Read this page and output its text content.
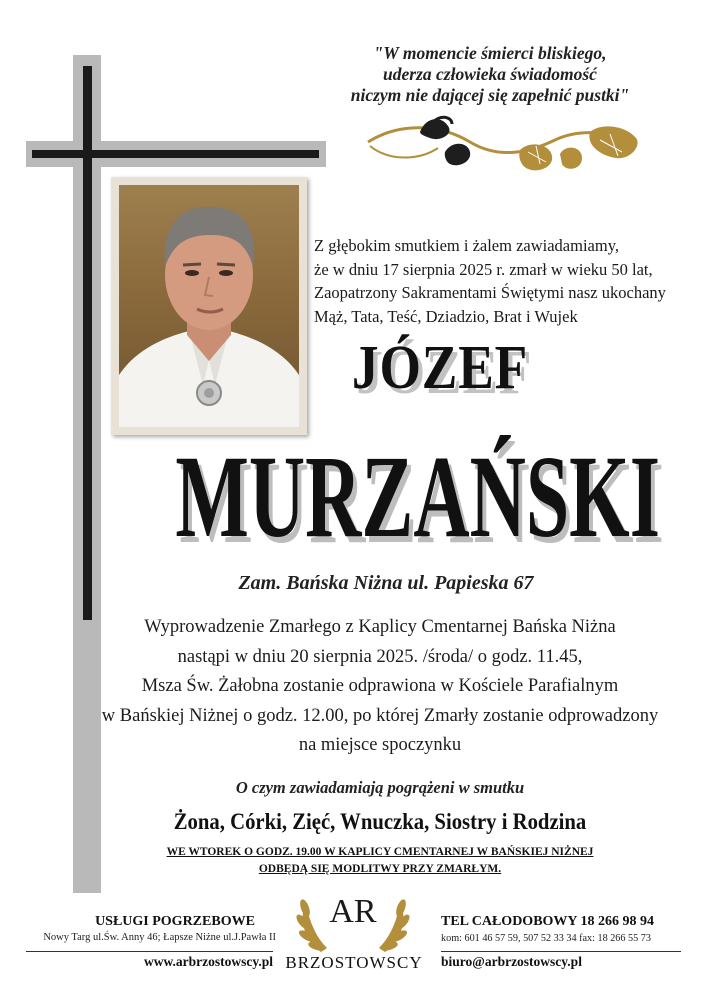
"W momencie śmierci bliskiego,
uderza człowieka świadomość
niczym nie dającej się zapełnić pustki"
Z głębokim smutkiem i żalem zawiadamiamy,
że w dniu 17 sierpnia 2025 r. zmarł w wieku 50 lat,
Zaopatrzony Sakramentami Świętymi nasz ukochany
Mąż, Tata, Teść, Dziadzio, Brat i Wujek
JÓZEF
MURZAŃSKI
Zam. Bańska Niżna ul. Papieska 67
Wyprowadzenie Zmarłego z Kaplicy Cmentarnej Bańska Niżna
nastąpi w dniu 20 sierpnia 2025. /środa/ o godz. 11.45,
Msza Św. Żałobna zostanie odprawiona w Kościele Parafialnym
w Bańskiej Niżnej o godz. 12.00, po której Zmarły zostanie odprowadzony
na miejsce spoczynku
O czym zawiadamiają pogrążeni w smutku
Żona, Córki, Zięć, Wnuczka, Siostry i Rodzina
WE WTOREK O GODZ. 19.00 W KAPLICY CMENTARNEJ W BAŃSKIEJ NIŻNEJ
ODBĘDĄ SIĘ MODLITWY PRZY ZMARŁYM.
USŁUGI POGRZEBOWE
Nowy Targ ul.Św. Anny 46; Łapsze Niżne ul.J.Pawła II
www.arbrzostowscy.pl
AR
BRZOSTOWSCY
TEL CAŁODOBOWY 18 266 98 94
kom: 601 46 57 59, 507 52 33 34 fax: 18 266 55 73
biuro@arbrzostowscy.pl
